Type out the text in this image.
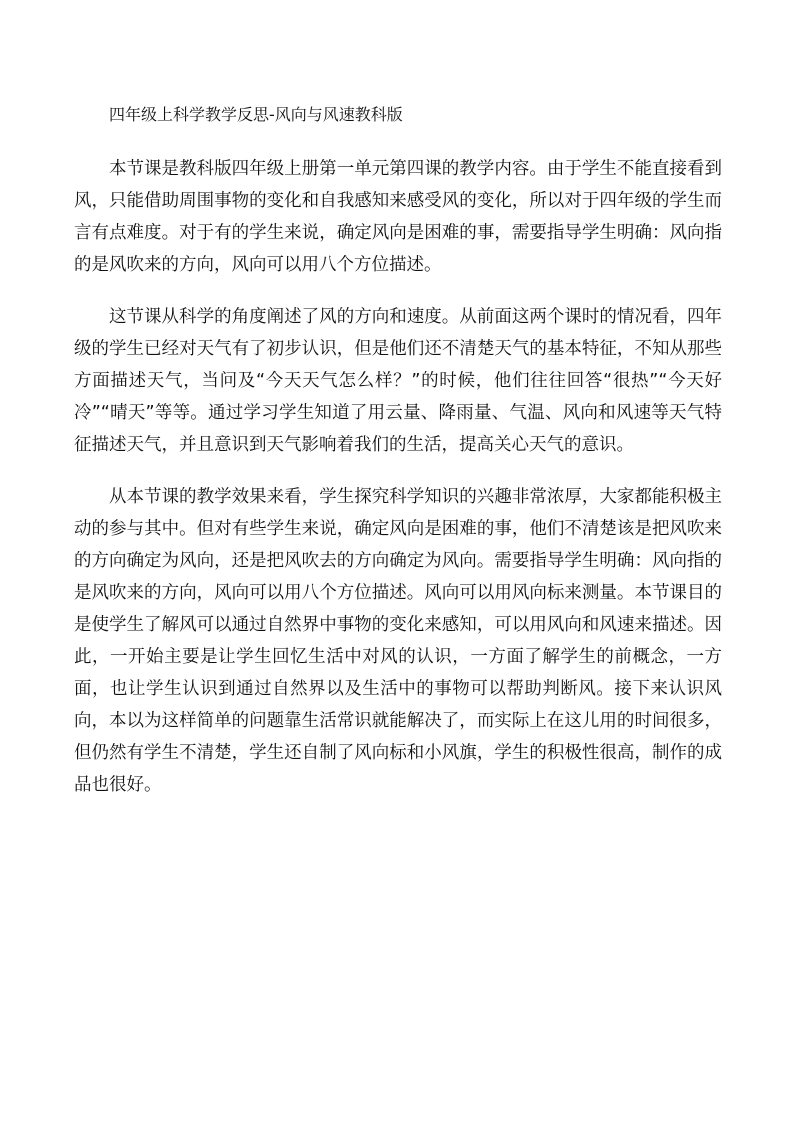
四年级上科学教学反思-风向与风速教科版

本节课是教科版四年级上册第一单元第四课的教学内容。由于学生不能直接看到风，只能借助周围事物的变化和自我感知来感受风的变化，所以对于四年级的学生而言有点难度。对于有的学生来说，确定风向是困难的事，需要指导学生明确：风向指的是风吹来的方向，风向可以用八个方位描述。

这节课从科学的角度阐述了风的方向和速度。从前面这两个课时的情况看，四年级的学生已经对天气有了初步认识，但是他们还不清楚天气的基本特征，不知从那些方面描述天气，当问及“今天天气怎么样？”的时候，他们往往回答“很热”“今天好冷”“晴天”等等。通过学习学生知道了用云量、降雨量、气温、风向和风速等天气特征描述天气，并且意识到天气影响着我们的生活，提高关心天气的意识。

从本节课的教学效果来看，学生探究科学知识的兴趣非常浓厚，大家都能积极主动的参与其中。但对有些学生来说，确定风向是困难的事，他们不清楚该是把风吹来的方向确定为风向，还是把风吹去的方向确定为风向。需要指导学生明确：风向指的是风吹来的方向，风向可以用八个方位描述。风向可以用风向标来测量。本节课目的是使学生了解风可以通过自然界中事物的变化来感知，可以用风向和风速来描述。因此，一开始主要是让学生回忆生活中对风的认识，一方面了解学生的前概念，一方面，也让学生认识到通过自然界以及生活中的事物可以帮助判断风。接下来认识风向，本以为这样简单的问题靠生活常识就能解决了，而实际上在这儿用的时间很多，但仍然有学生不清楚，学生还自制了风向标和小风旗，学生的积极性很高，制作的成品也很好。
